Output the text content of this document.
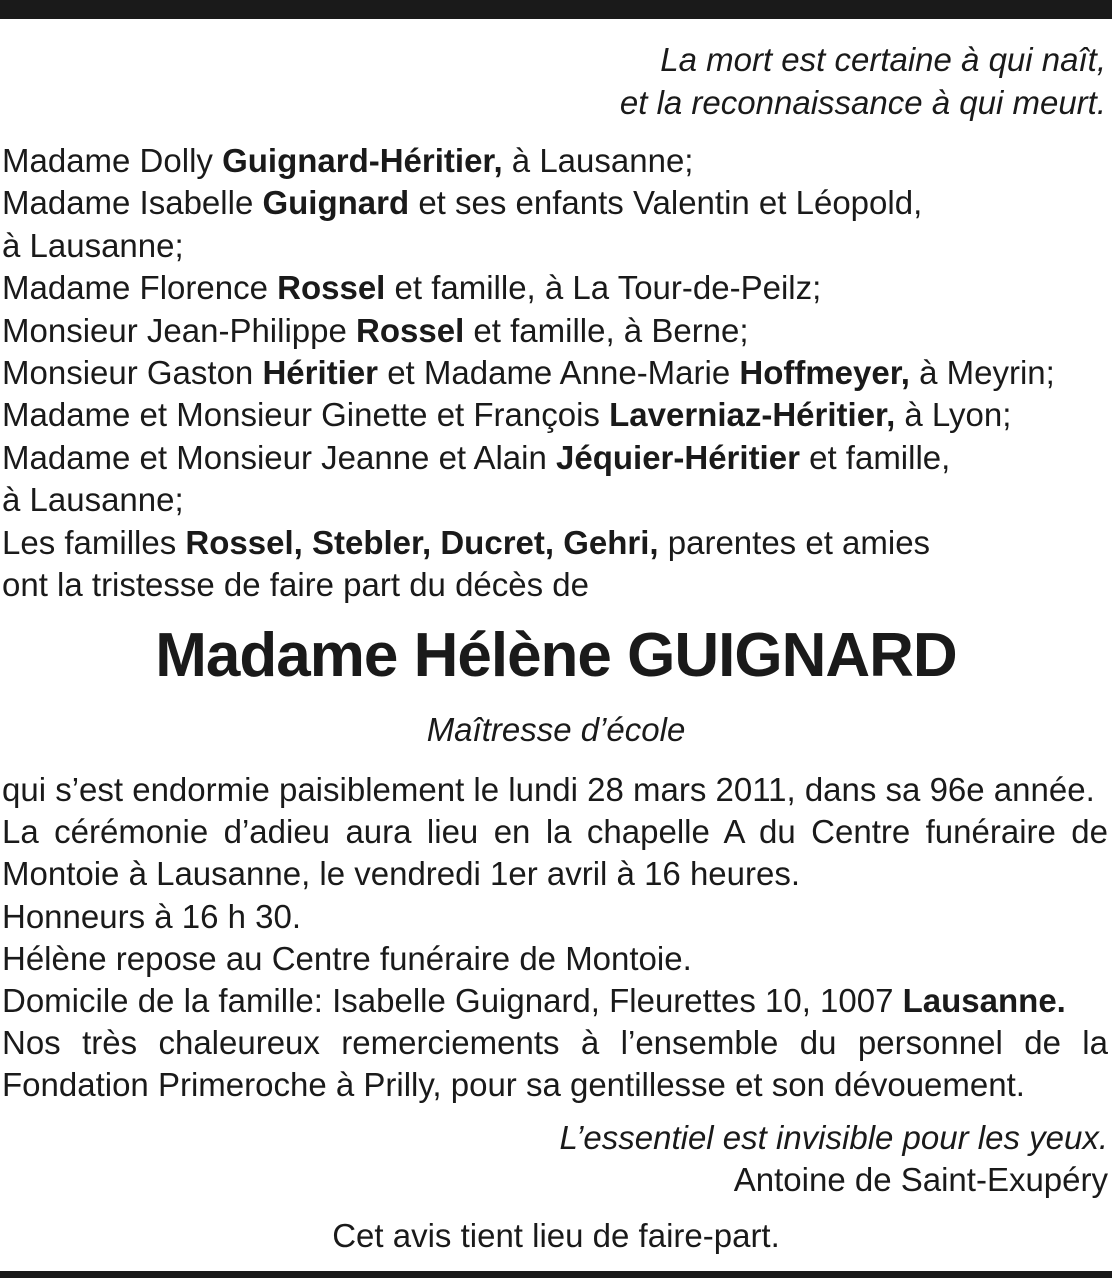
La mort est certaine à qui naît,
et la reconnaissance à qui meurt.
Madame Dolly Guignard-Héritier, à Lausanne;
Madame Isabelle Guignard et ses enfants Valentin et Léopold,
à Lausanne;
Madame Florence Rossel et famille, à La Tour-de-Peilz;
Monsieur Jean-Philippe Rossel et famille, à Berne;
Monsieur Gaston Héritier et Madame Anne-Marie Hoffmeyer, à Meyrin;
Madame et Monsieur Ginette et François Laverniaz-Héritier, à Lyon;
Madame et Monsieur Jeanne et Alain Jéquier-Héritier et famille,
à Lausanne;
Les familles Rossel, Stebler, Ducret, Gehri, parentes et amies
ont la tristesse de faire part du décès de
Madame Hélène GUIGNARD
Maîtresse d’école
qui s’est endormie paisiblement le lundi 28 mars 2011, dans sa 96e année.
La cérémonie d’adieu aura lieu en la chapelle A du Centre funéraire de
Montoie à Lausanne, le vendredi 1er avril à 16 heures.
Honneurs à 16 h 30.
Hélène repose au Centre funéraire de Montoie.
Domicile de la famille: Isabelle Guignard, Fleurettes 10, 1007 Lausanne.
Nos très chaleureux remerciements à l’ensemble du personnel de la
Fondation Primeroche à Prilly, pour sa gentillesse et son dévouement.
L’essentiel est invisible pour les yeux.
Antoine de Saint-Exupéry
Cet avis tient lieu de faire-part.
